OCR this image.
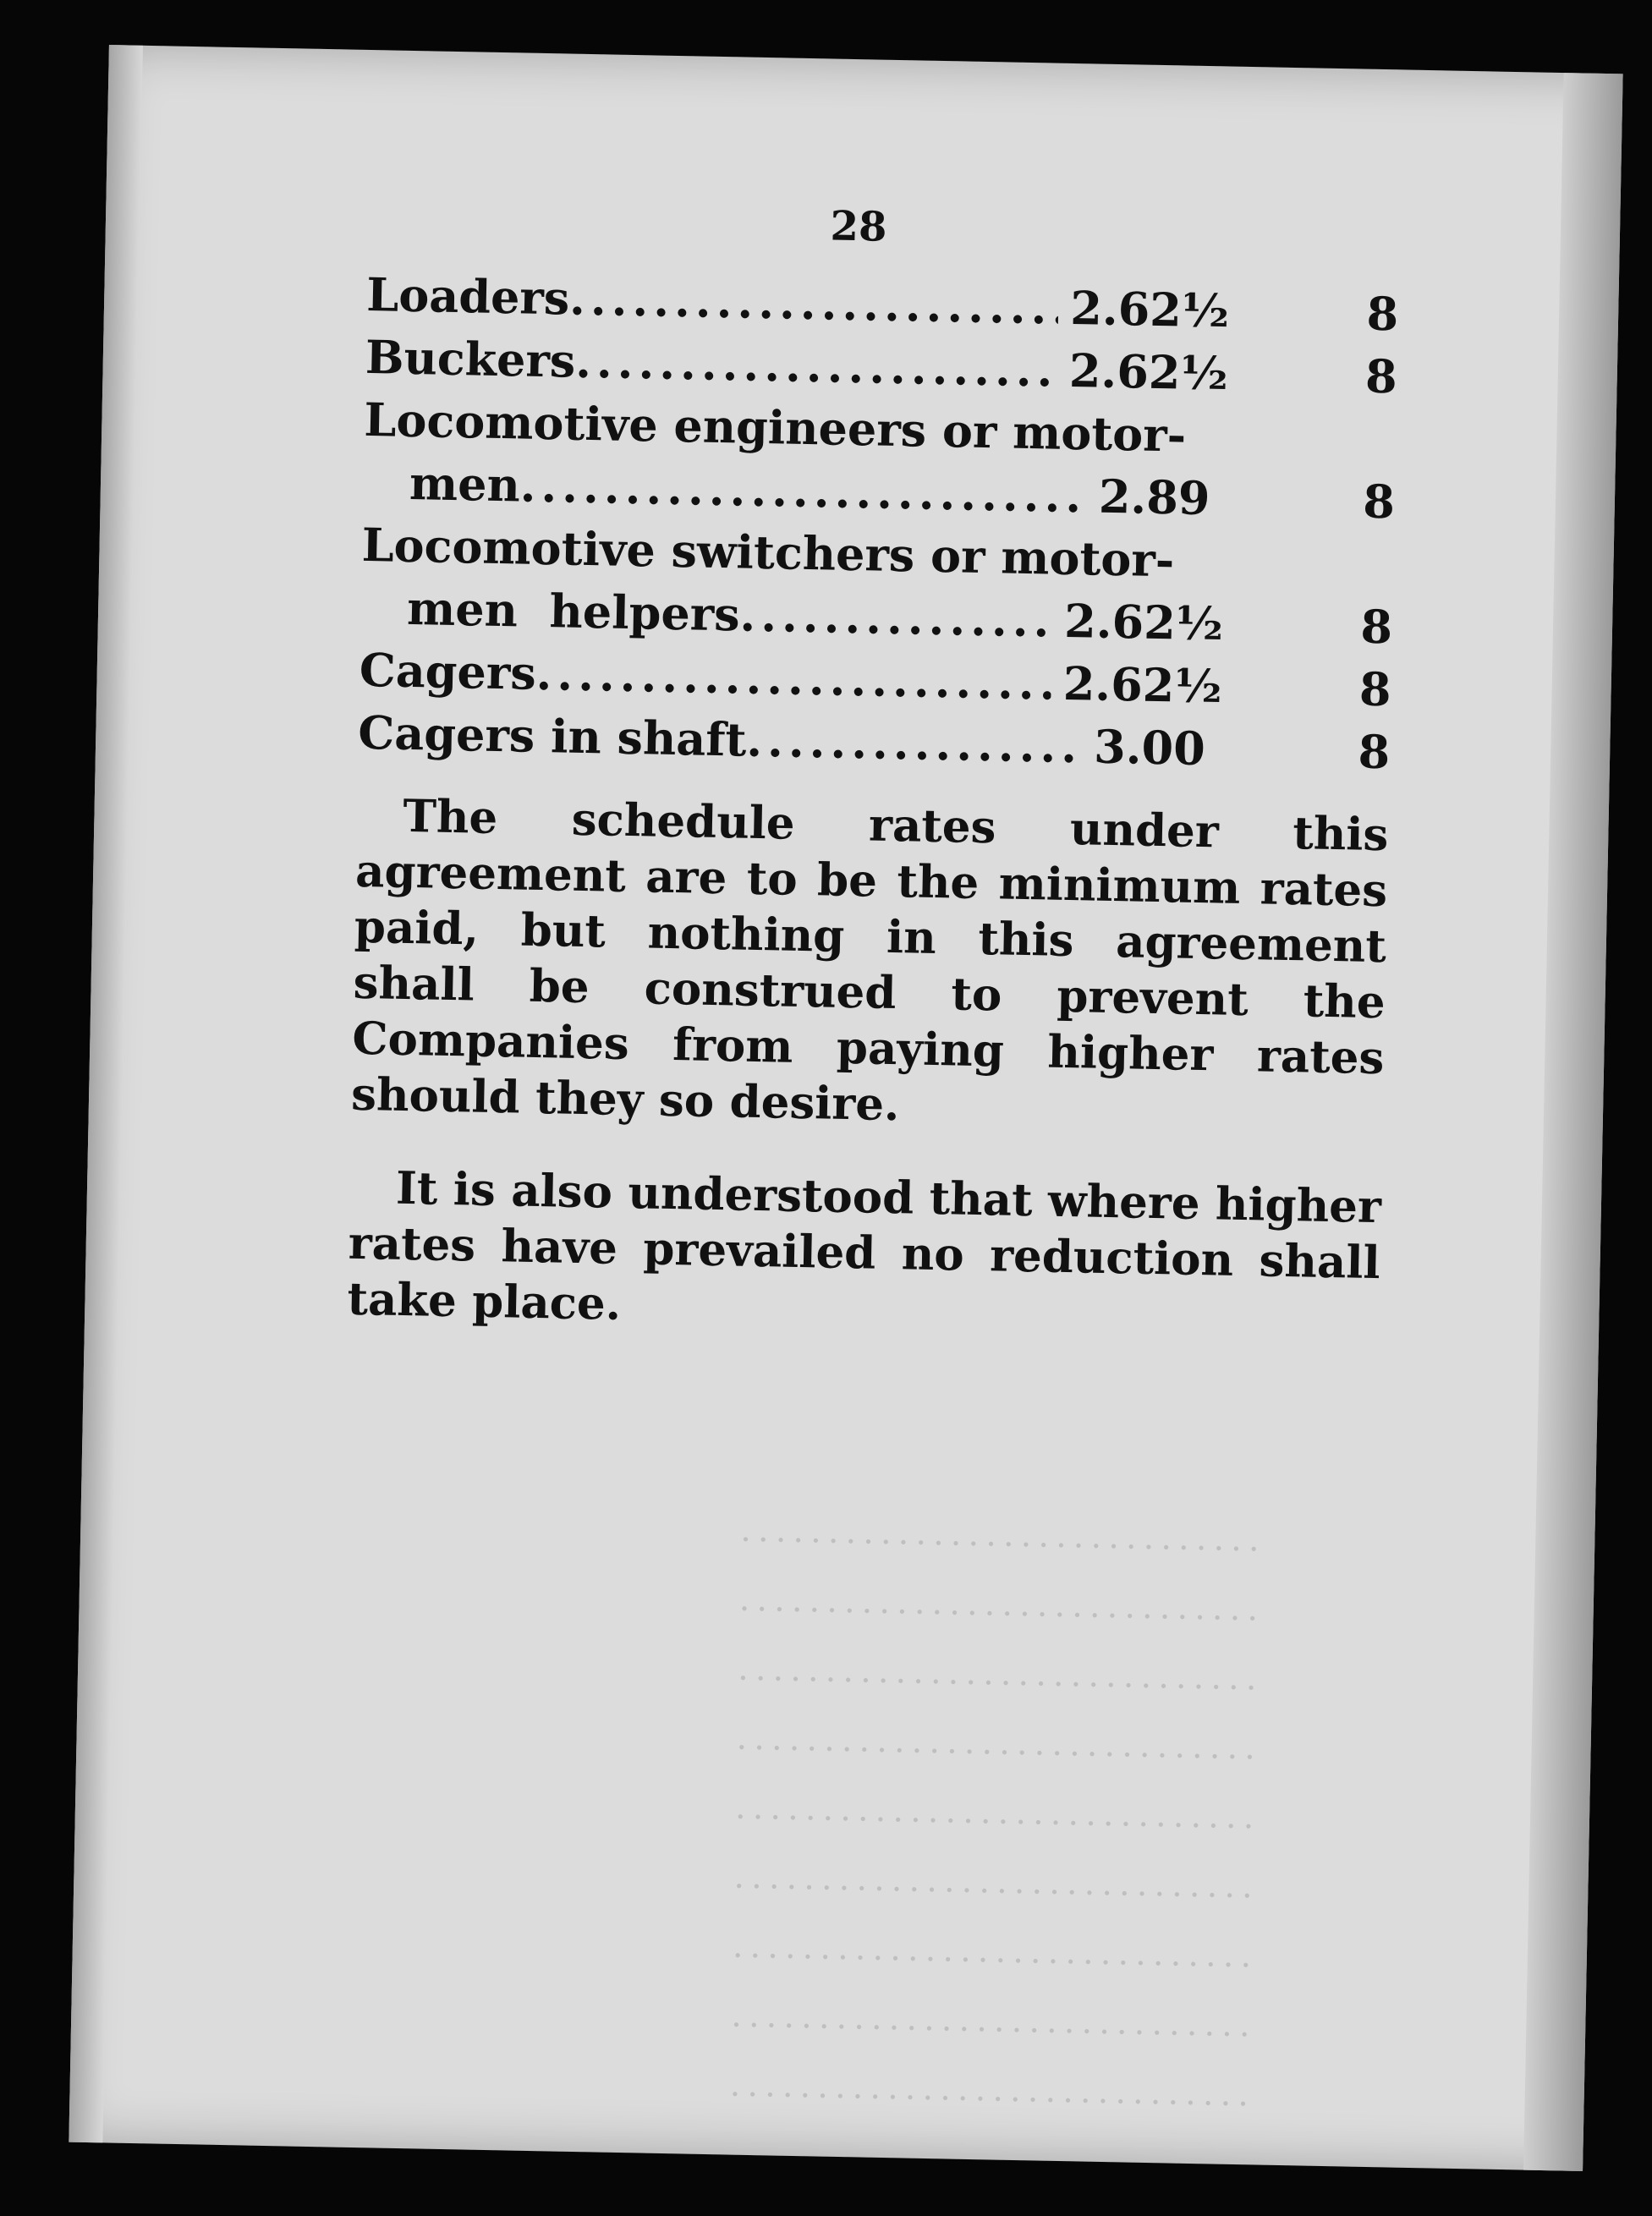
.....
.....
.....
.....
.....
.....
.....
.....
.....
28
Loaders .....	2.62½	8
Buckers .....	2.62½	8
Locomotive engineers or motor-
men .....	2.89	8
Locomotive switchers or motor-
men  helpers .....	2.62½	8
Cagers .....	2.62½	8
Cagers in shaft .....	3.00	8

The schedule rates under this agreement are to be the minimum rates paid, but nothing in this agreement shall be construed to prevent the Companies from paying higher rates should they so desire.

It is also understood that where higher rates have prevailed no reduction shall take place.
